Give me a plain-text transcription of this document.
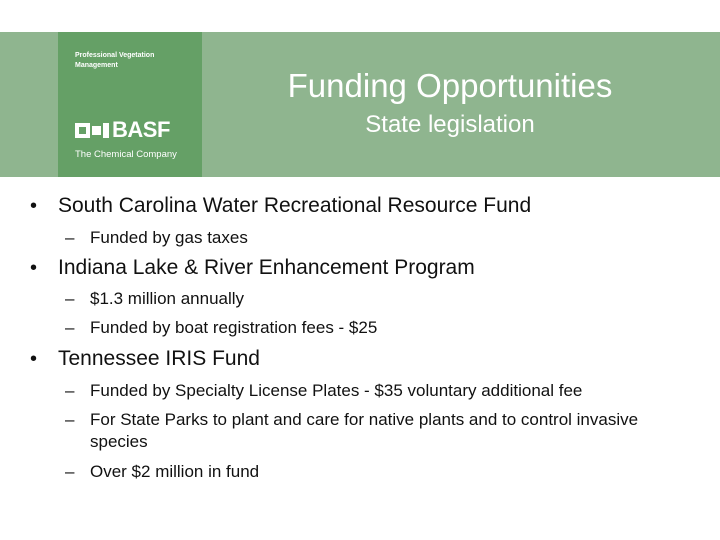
Professional Vegetation Management
BASF
The Chemical Company
Funding Opportunities
State legislation
• South Carolina Water Recreational Resource Fund
– Funded by gas taxes
• Indiana Lake & River Enhancement Program
– $1.3 million annually
– Funded by boat registration fees - $25
• Tennessee IRIS Fund
– Funded by Specialty License Plates - $35 voluntary additional fee
– For State Parks to plant and care for native plants and to control invasive species
– Over $2 million in fund
